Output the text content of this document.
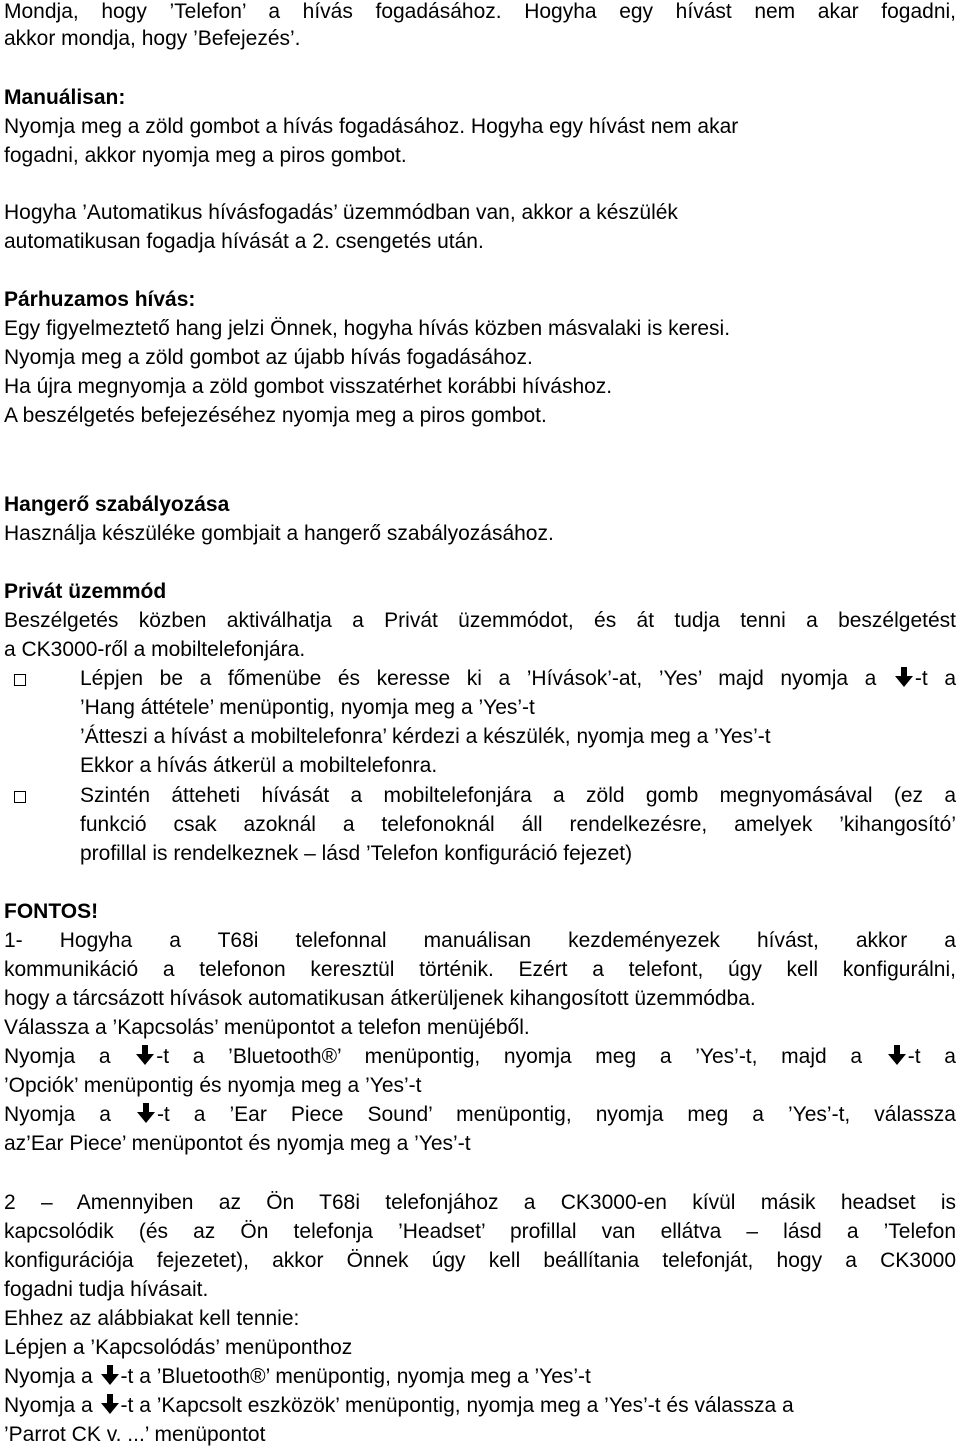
Mondja, hogy ’Telefon’ a hívás fogadásához. Hogyha egy hívást nem akar fogadni,
akkor mondja, hogy ’Befejezés’.
Manuálisan:
Nyomja meg a zöld gombot a hívás fogadásához. Hogyha egy hívást nem akar
fogadni, akkor nyomja meg a piros gombot.
Hogyha ’Automatikus hívásfogadás’ üzemmódban van, akkor a készülék
automatikusan fogadja hívását a 2. csengetés után.
Párhuzamos hívás:
Egy figyelmeztető hang jelzi Önnek, hogyha hívás közben másvalaki is keresi.
Nyomja meg a zöld gombot az újabb hívás fogadásához.
Ha újra megnyomja a zöld gombot visszatérhet korábbi híváshoz.
A beszélgetés befejezéséhez nyomja meg a piros gombot.
Hangerő szabályozása
Használja készüléke gombjait a hangerő szabályozásához.
Privát üzemmód
Beszélgetés közben aktiválhatja a Privát üzemmódot, és át tudja tenni a beszélgetést
a CK3000-ről a mobiltelefonjára.
Lépjen be a főmenübe és keresse ki a ’Hívások’-at, ’Yes’ majd nyomja a -t a
’Hang áttétele’ menüpontig, nyomja meg a ’Yes’-t
’Átteszi a hívást a mobiltelefonra’ kérdezi a készülék, nyomja meg a ’Yes’-t
Ekkor a hívás átkerül a mobiltelefonra.
Szintén átteheti hívását a mobiltelefonjára a zöld gomb megnyomásával (ez a
funkció csak azoknál a telefonoknál áll rendelkezésre, amelyek ’kihangosító’
profillal is rendelkeznek – lásd ’Telefon konfiguráció fejezet)
FONTOS!
1- Hogyha a T68i telefonnal manuálisan kezdeményezek hívást, akkor a
kommunikáció a telefonon keresztül történik. Ezért a telefont, úgy kell konfigurálni,
hogy a tárcsázott hívások automatikusan átkerüljenek kihangosított üzemmódba.
Válassza a ’Kapcsolás’ menüpontot a telefon menüjéből.
Nyomja a -t a ’Bluetooth®’ menüpontig, nyomja meg a ’Yes’-t, majd a -t a
’Opciók’ menüpontig és nyomja meg a ’Yes’-t
Nyomja a -t a ’Ear Piece Sound’ menüpontig, nyomja meg a ’Yes’-t, válassza
az’Ear Piece’ menüpontot és nyomja meg a ’Yes’-t
2 – Amennyiben az Ön T68i telefonjához a CK3000-en kívül másik headset is
kapcsolódik (és az Ön telefonja ’Headset’ profillal van ellátva – lásd a ’Telefon
konfigurációja fejezetet), akkor Önnek úgy kell beállítania telefonját, hogy a CK3000
fogadni tudja hívásait.
Ehhez az alábbiakat kell tennie:
Lépjen a ’Kapcsolódás’ menüponthoz
Nyomja a -t a ’Bluetooth®’ menüpontig, nyomja meg a ’Yes’-t
Nyomja a -t a ’Kapcsolt eszközök’ menüpontig, nyomja meg a ’Yes’-t és válassza a
’Parrot CK v. ...’ menüpontot
